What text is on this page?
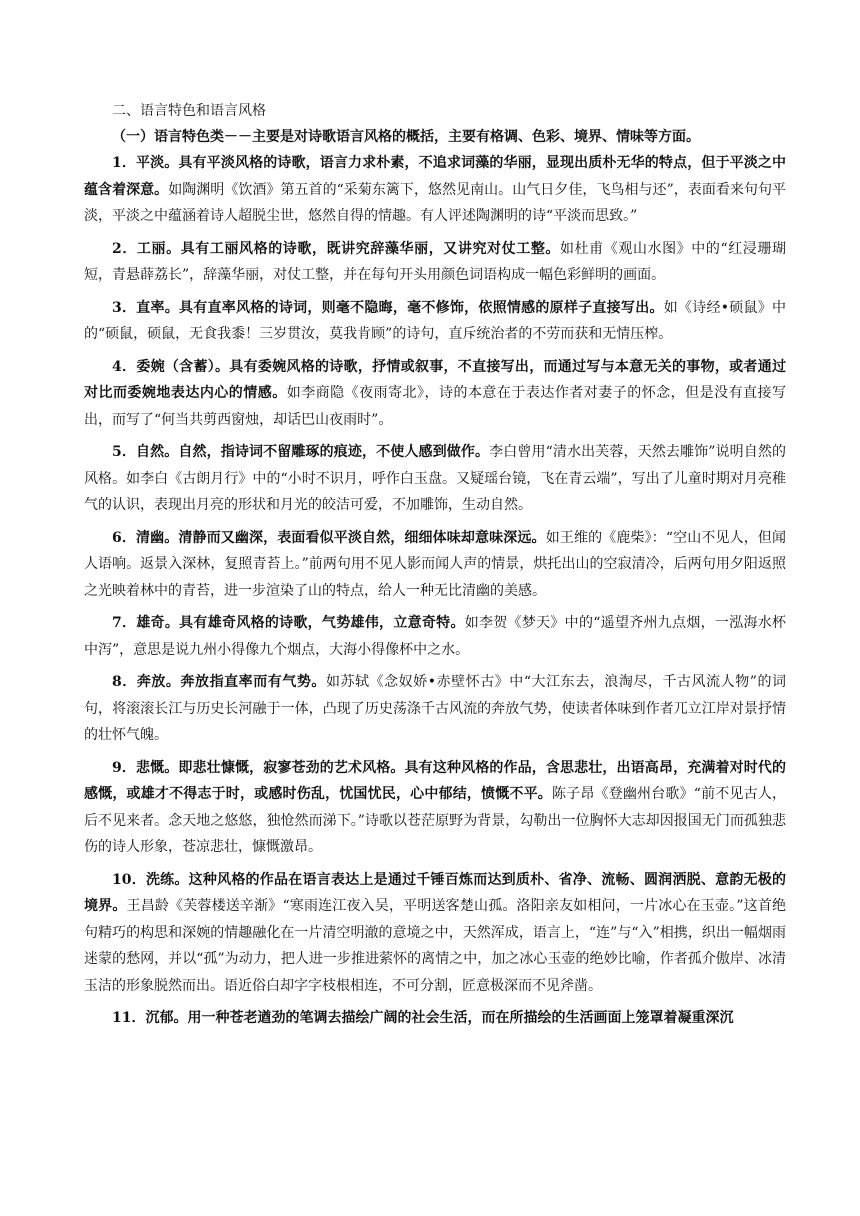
二、语言特色和语言风格

（一）语言特色类－－主要是对诗歌语言风格的概括，主要有格调、色彩、境界、情味等方面。

1．平淡。具有平淡风格的诗歌，语言力求朴素，不追求词藻的华丽，显现出质朴无华的特点，但于平淡之中蕴含着深意。如陶渊明《饮酒》第五首的“采菊东篱下，悠然见南山。山气日夕佳，飞鸟相与还”，表面看来句句平淡，平淡之中蕴涵着诗人超脱尘世，悠然自得的情趣。有人评述陶渊明的诗“平淡而思致。”

2．工丽。具有工丽风格的诗歌，既讲究辞藻华丽，又讲究对仗工整。如杜甫《观山水图》中的“红浸珊瑚短，青悬薜荔长”，辞藻华丽，对仗工整，并在每句开头用颜色词语构成一幅色彩鲜明的画面。

3．直率。具有直率风格的诗词，则毫不隐晦，毫不修饰，依照情感的原样子直接写出。如《诗经•硕鼠》中的“硕鼠，硕鼠，无食我黍！三岁贯汝，莫我肯顾”的诗句，直斥统治者的不劳而获和无情压榨。

4．委婉（含蓄）。具有委婉风格的诗歌，抒情或叙事，不直接写出，而通过写与本意无关的事物，或者通过对比而委婉地表达内心的情感。如李商隐《夜雨寄北》，诗的本意在于表达作者对妻子的怀念，但是没有直接写出，而写了“何当共剪西窗烛，却话巴山夜雨时”。

5．自然。自然，指诗词不留雕琢的痕迹，不使人感到做作。李白曾用“清水出芙蓉，天然去雕饰”说明自然的风格。如李白《古朗月行》中的“小时不识月，呼作白玉盘。又疑瑶台镜，飞在青云端”，写出了儿童时期对月亮稚气的认识，表现出月亮的形状和月光的皎洁可爱，不加雕饰，生动自然。

6．清幽。清静而又幽深，表面看似平淡自然，细细体味却意味深远。如王维的《鹿柴》：“空山不见人，但闻人语响。返景入深林，复照青苔上。”前两句用不见人影而闻人声的情景，烘托出山的空寂清冷，后两句用夕阳返照之光映着林中的青苔，进一步渲染了山的特点，给人一种无比清幽的美感。

7．雄奇。具有雄奇风格的诗歌，气势雄伟，立意奇特。如李贺《梦天》中的“遥望齐州九点烟，一泓海水杯中泻”，意思是说九州小得像九个烟点，大海小得像杯中之水。

8．奔放。奔放指直率而有气势。如苏轼《念奴娇•赤壁怀古》中“大江东去，浪淘尽，千古风流人物”的词句，将滚滚长江与历史长河融于一体，凸现了历史荡涤千古风流的奔放气势，使读者体味到作者兀立江岸对景抒情的壮怀气魄。

9．悲慨。即悲壮慷慨，寂寥苍劲的艺术风格。具有这种风格的作品，含思悲壮，出语高昂，充满着对时代的感慨，或雄才不得志于时，或感时伤乱，忧国忧民，心中郁结，愤慨不平。陈子昂《登幽州台歌》“前不见古人，后不见来者。念天地之悠悠，独怆然而涕下。”诗歌以苍茫原野为背景，勾勒出一位胸怀大志却因报国无门而孤独悲伤的诗人形象，苍凉悲壮，慷慨激昂。

10．洗练。这种风格的作品在语言表达上是通过千锤百炼而达到质朴、省净、流畅、圆润洒脱、意韵无极的境界。王昌龄《芙蓉楼送辛渐》“寒雨连江夜入吴，平明送客楚山孤。洛阳亲友如相问，一片冰心在玉壶。”这首绝句精巧的构思和深婉的情趣融化在一片清空明澈的意境之中，天然浑成，语言上，“连”与“入”相携，织出一幅烟雨迷蒙的愁网，并以“孤”为动力，把人进一步推进萦怀的离情之中，加之冰心玉壶的绝妙比喻，作者孤介傲岸、冰清玉洁的形象脱然而出。语近俗白却字字枝根相连，不可分割，匠意极深而不见斧凿。

11．沉郁。用一种苍老遒劲的笔调去描绘广阔的社会生活，而在所描绘的生活画面上笼罩着凝重深沉
